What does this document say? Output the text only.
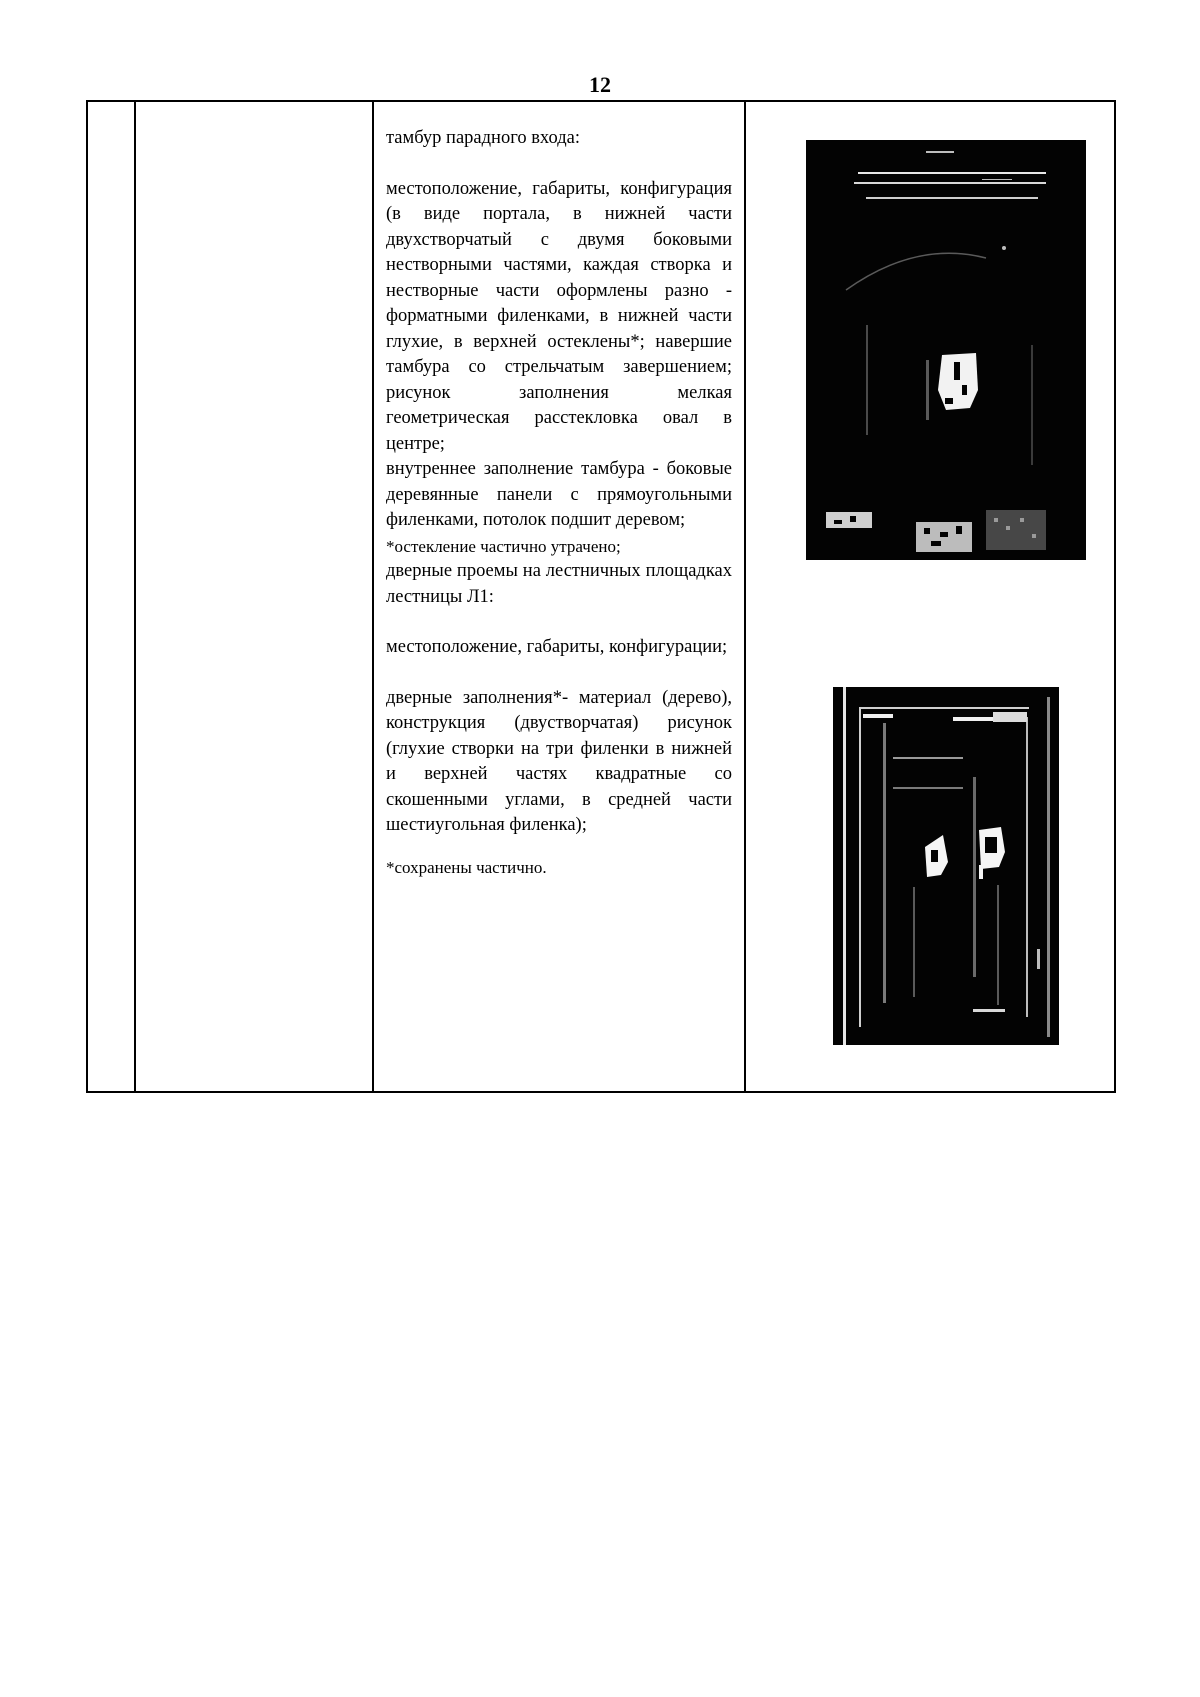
12

тамбур парадного входа:

местоположение, габариты, конфигурация (в виде портала, в нижней части двухстворчатый с двумя боковыми нестворными частями, каждая створка и нестворные части оформлены разно - форматными филенками, в нижней части глухие, в верхней остеклены*; навершие тамбура со стрельчатым завершением; рисунок заполнения мелкая геометрическая расстекловка овал в центре;

внутреннее заполнение тамбура - боковые деревянные панели с прямоугольными филенками, потолок подшит деревом;

*остекление частично утрачено;

дверные проемы на лестничных площадках лестницы Л1:

местоположение, габариты, конфигурации;

дверные заполнения*- материал (дерево), конструкция (двустворчатая) рисунок (глухие створки на три филенки в нижней и верхней частях квадратные со скошенными углами, в средней части шестиугольная филенка);

*сохранены частично.
